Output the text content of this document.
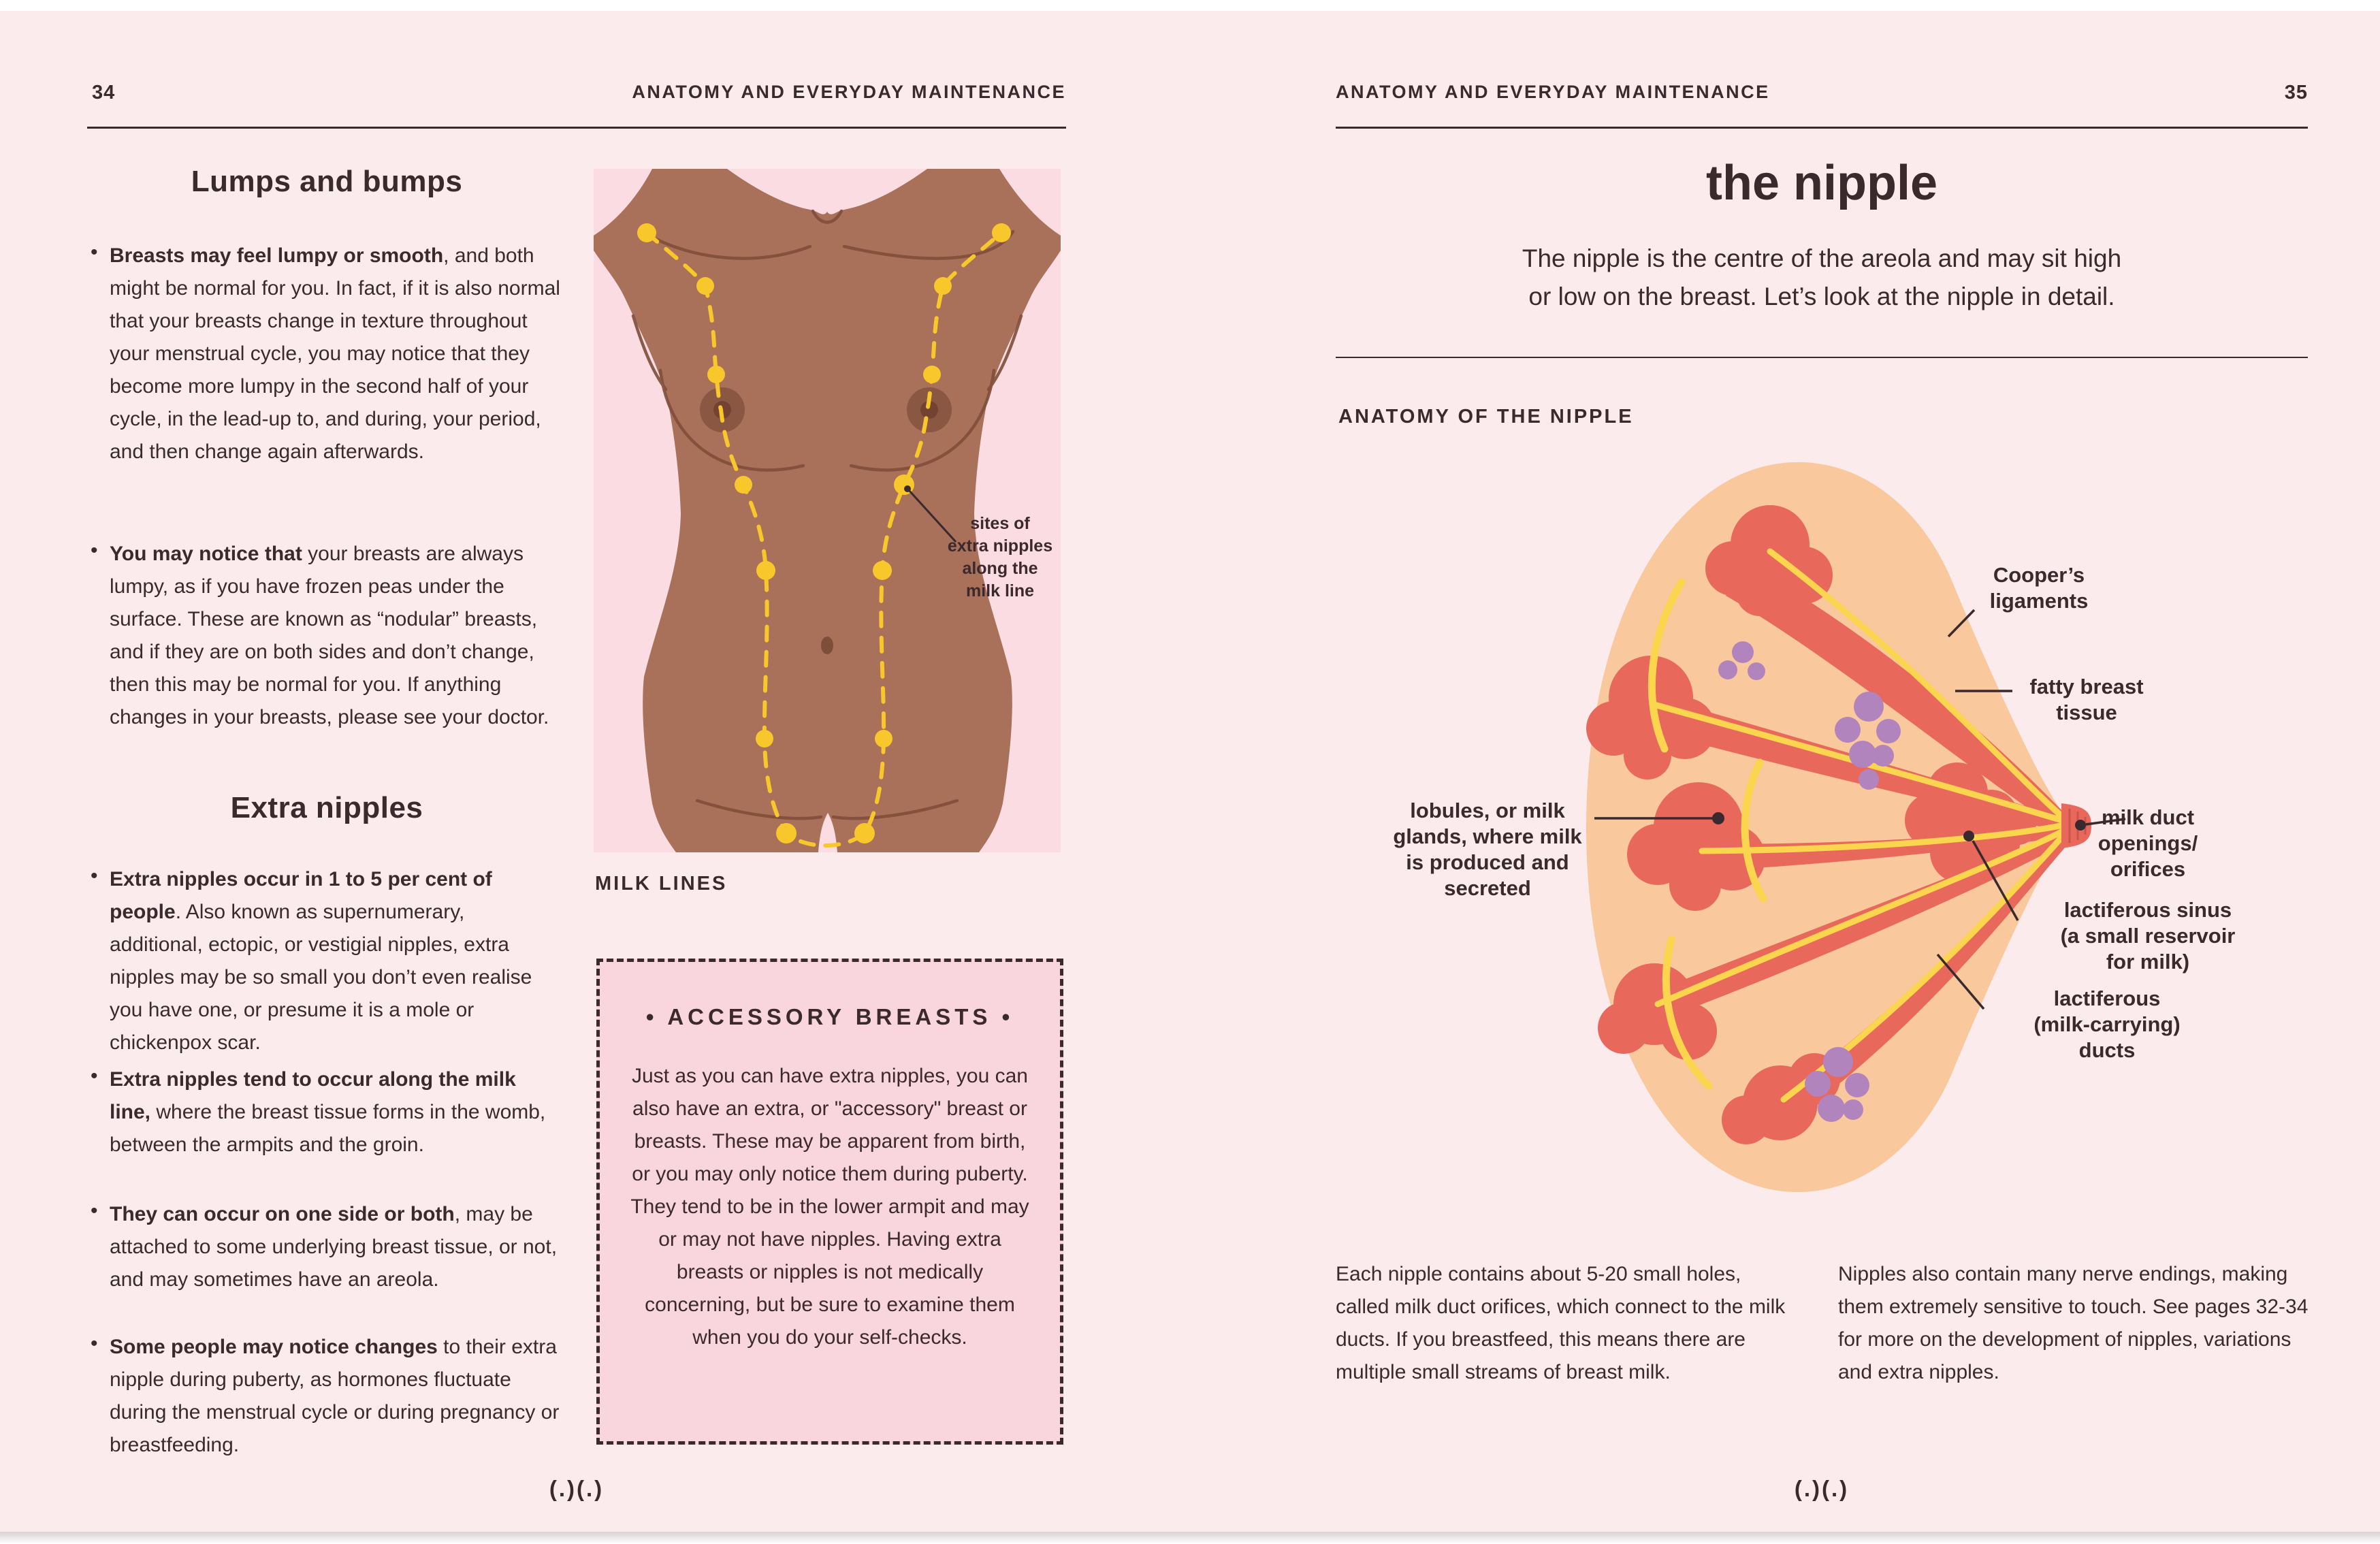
34	ANATOMY AND EVERYDAY MAINTENANCE
Lumps and bumps
• Breasts may feel lumpy or smooth, and both might be normal for you. In fact, if it is also normal that your breasts change in texture throughout your menstrual cycle, you may notice that they become more lumpy in the second half of your cycle, in the lead-up to, and during, your period, and then change again afterwards.

• You may notice that your breasts are always lumpy, as if you have frozen peas under the surface. These are known as “nodular” breasts, and if they are on both sides and don’t change, then this may be normal for you. If anything changes in your breasts, please see your doctor.

Extra nipples
• Extra nipples occur in 1 to 5 per cent of people. Also known as supernumerary, additional, ectopic, or vestigial nipples, extra nipples may be so small you don’t even realise you have one, or presume it is a mole or chickenpox scar.

• Extra nipples tend to occur along the milk line, where the breast tissue forms in the womb, between the armpits and the groin.

• They can occur on one side or both, may be attached to some underlying breast tissue, or not, and may sometimes have an areola.

• Some people may notice changes to their extra nipple during puberty, as hormones fluctuate during the menstrual cycle or during pregnancy or breastfeeding.

sites of
extra nipples
along the
milk line
MILK LINES
• ACCESSORY BREASTS •
Just as you can have extra nipples, you can also have an extra, or "accessory" breast or breasts. These may be apparent from birth, or you may only notice them during puberty. They tend to be in the lower armpit and may or may not have nipples. Having extra breasts or nipples is not medically concerning, but be sure to examine them when you do your self-checks.
(.)(.)
ANATOMY AND EVERYDAY MAINTENANCE	35
the nipple
The nipple is the centre of the areola and may sit high
or low on the breast. Let’s look at the nipple in detail.
ANATOMY OF THE NIPPLE
Cooper’s
ligaments
fatty breast
tissue
milk duct
openings/
orifices
lactiferous sinus
(a small reservoir
for milk)
lactiferous
(milk-carrying)
ducts
lobules, or milk
glands, where milk
is produced and
secreted
Each nipple contains about 5-20 small holes, called milk duct orifices, which connect to the milk ducts. If you breastfeed, this means there are multiple small streams of breast milk.
Nipples also contain many nerve endings, making them extremely sensitive to touch. See pages 32-34 for more on the development of nipples, variations and extra nipples.
(.)(.)
